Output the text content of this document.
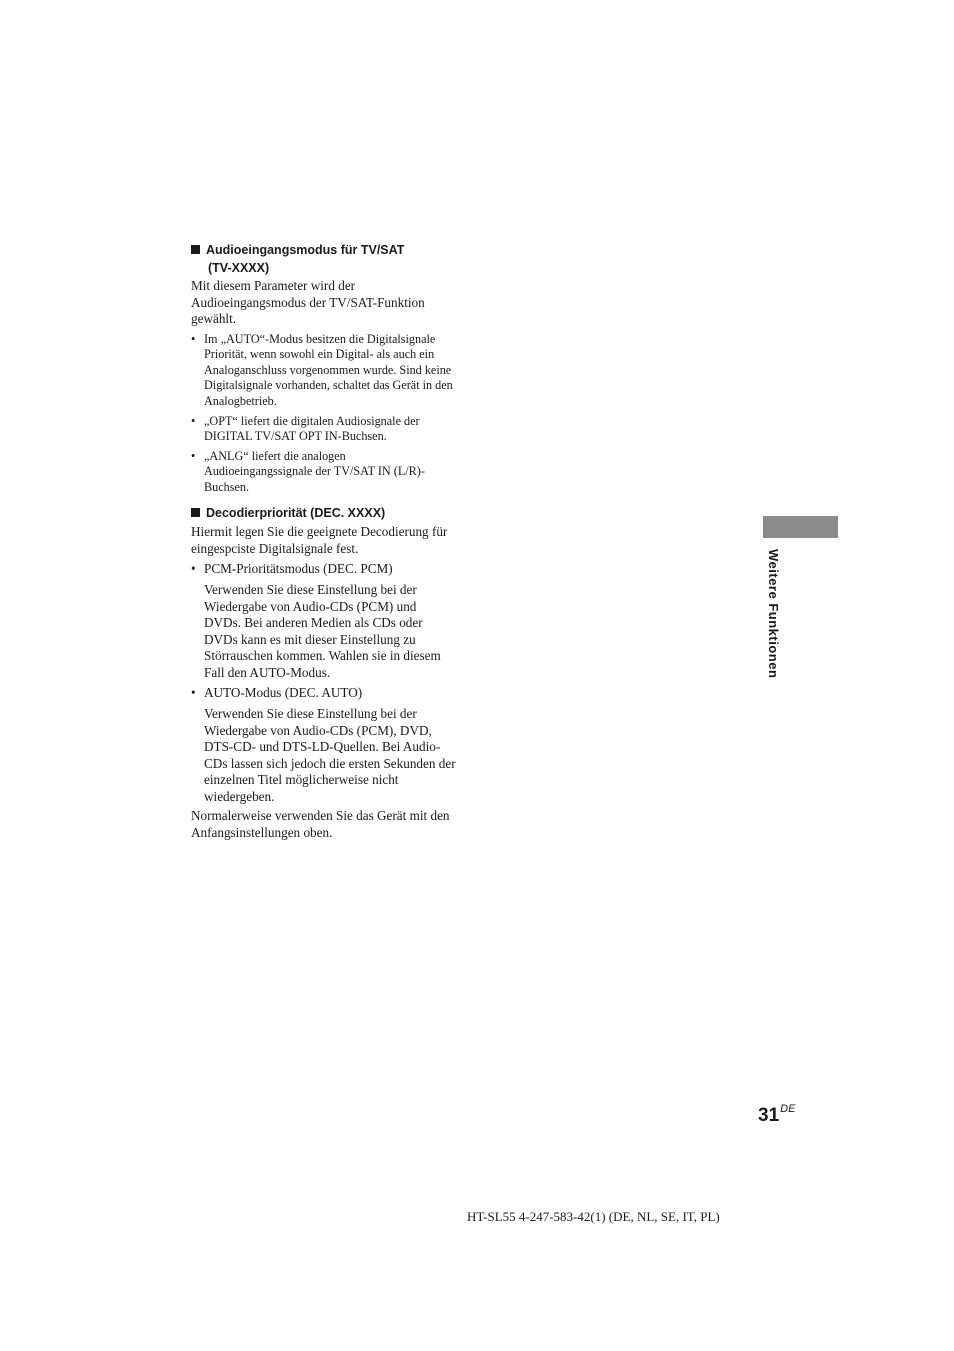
Audioeingangsmodus für TV/SAT
(TV-XXXX)

Mit diesem Parameter wird der Audioeingangsmodus der TV/SAT-Funktion gewählt.

• Im „AUTO“-Modus besitzen die Digitalsignale Priorität, wenn sowohl ein Digital- als auch ein Analoganschluss vorgenommen wurde. Sind keine Digitalsignale vorhanden, schaltet das Gerät in den Analogbetrieb.
• „OPT“ liefert die digitalen Audiosignale der DIGITAL TV/SAT OPT IN-Buchsen.
• „ANLG“ liefert die analogen Audioeingangssignale der TV/SAT IN (L/R)-Buchsen.
Decodierpriorität (DEC. XXXX)

Hiermit legen Sie die geeignete Decodierung für eingespciste Digitalsignale fest.

• PCM-Prioritätsmodus (DEC. PCM)
Verwenden Sie diese Einstellung bei der Wiedergabe von Audio-CDs (PCM) und DVDs. Bei anderen Medien als CDs oder DVDs kann es mit dieser Einstellung zu Störrauschen kommen. Wahlen sie in diesem Fall den AUTO-Modus.
• AUTO-Modus (DEC. AUTO)
Verwenden Sie diese Einstellung bei der Wiedergabe von Audio-CDs (PCM), DVD, DTS-CD- und DTS-LD-Quellen. Bei Audio-CDs lassen sich jedoch die ersten Sekunden der einzelnen Titel möglicherweise nicht wiedergeben.

Normalerweise verwenden Sie das Gerät mit den Anfangsinstellungen oben.

Weitere Funktionen
31DE
HT-SL55 4-247-583-42(1) (DE, NL, SE, IT, PL)
